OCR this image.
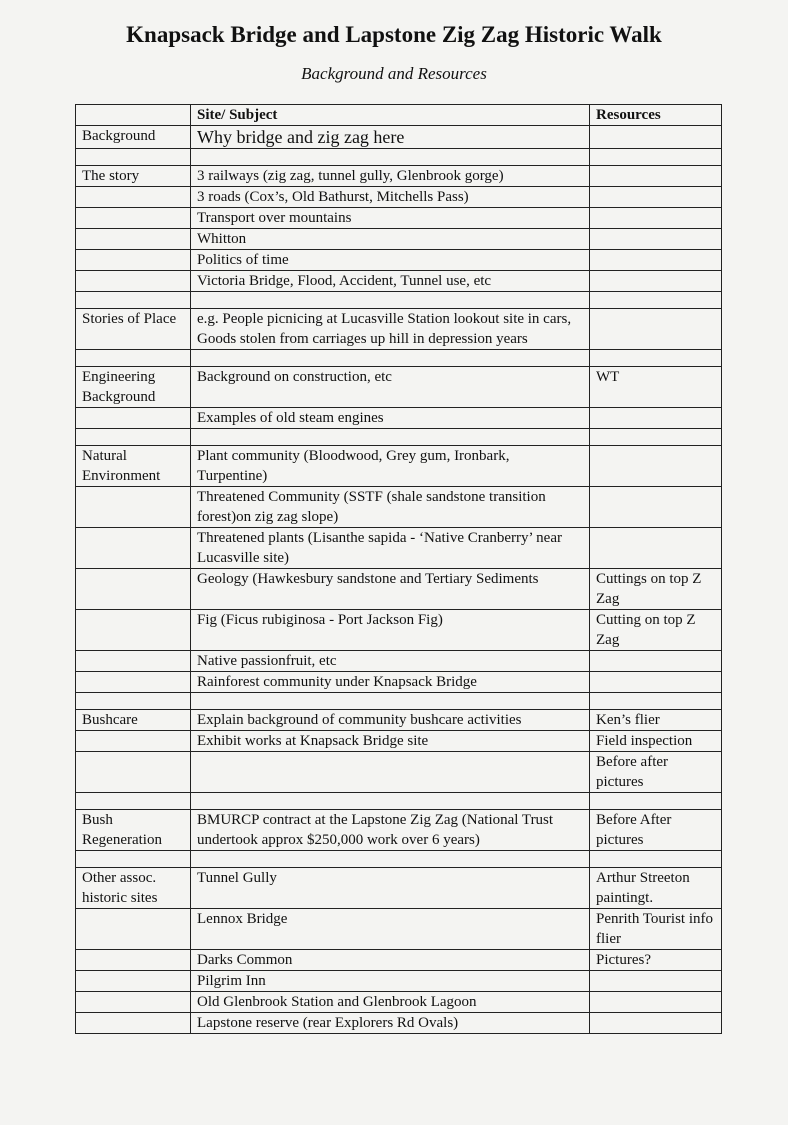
Knapsack Bridge and Lapstone Zig Zag Historic Walk
Background and Resources
	Site/ Subject	Resources
Background	Why bridge and zig zag here	

The story	3 railways (zig zag, tunnel gully, Glenbrook gorge)	
	3 roads (Cox’s, Old Bathurst, Mitchells Pass)	
	Transport over mountains	
	Whitton	
	Politics of time	
	Victoria Bridge, Flood, Accident, Tunnel use, etc	

Stories of Place	e.g. People picnicing at Lucasville Station lookout site in cars, Goods stolen from carriages up hill in depression years	

Engineering Background	Background on construction, etc	WT
	Examples of old steam engines	

Natural Environment	Plant community (Bloodwood, Grey gum, Ironbark, Turpentine)	
	Threatened Community (SSTF (shale sandstone transition forest)on zig zag slope)	
	Threatened plants (Lisanthe sapida - ‘Native Cranberry’ near Lucasville site)	
	Geology (Hawkesbury sandstone and Tertiary Sediments	Cuttings on top Z Zag
	Fig (Ficus rubiginosa - Port Jackson Fig)	Cutting on top Z Zag
	Native passionfruit, etc	
	Rainforest community under Knapsack Bridge	

Bushcare	Explain background of community bushcare activities	Ken’s flier
	Exhibit works at Knapsack Bridge site	Field inspection
		Before after pictures

Bush Regeneration	BMURCP contract at the Lapstone Zig Zag (National Trust undertook approx $250,000 work over 6 years)	Before After pictures

Other assoc. historic sites	Tunnel Gully	Arthur Streeton paintingt.
	Lennox Bridge	Penrith Tourist info flier
	Darks Common	Pictures?
	Pilgrim Inn	
	Old Glenbrook Station and Glenbrook Lagoon	
	Lapstone reserve (rear Explorers Rd Ovals)	
